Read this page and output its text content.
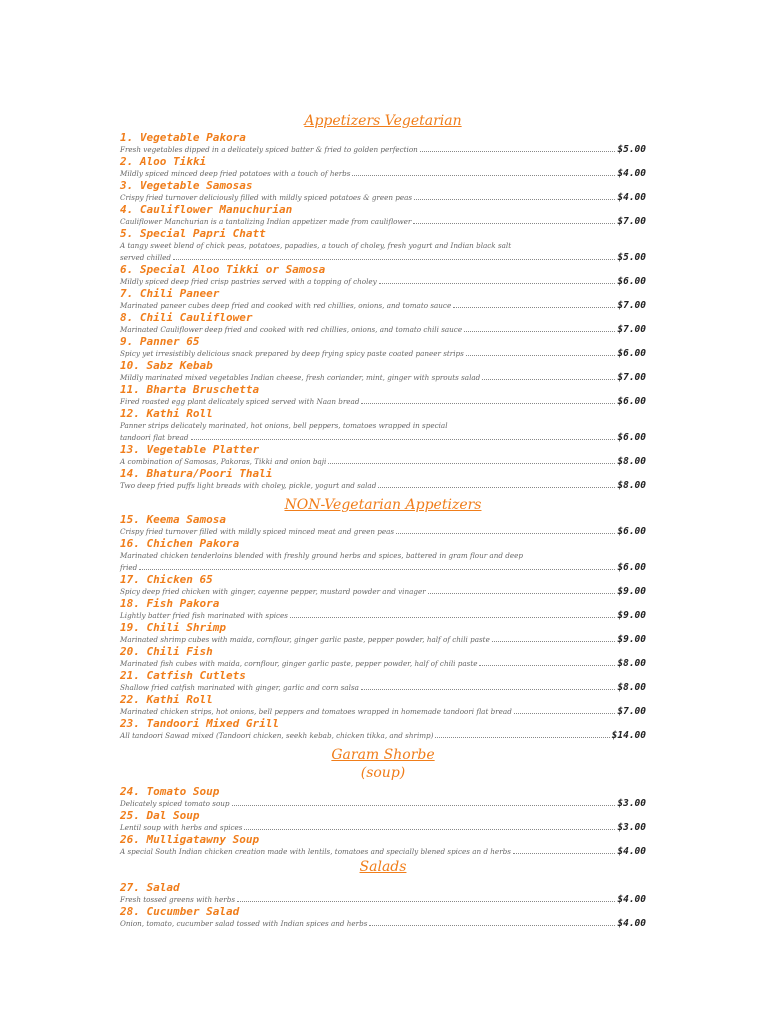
Appetizers Vegetarian
1. Vegetable Pakora
Fresh vegetables dipped in a delicately spiced batter & fried to golden perfection	$5.00
2. Aloo Tikki
Mildly spiced minced deep fried potatoes with a touch of herbs	$4.00
3. Vegetable Samosas
Crispy fried turnover deliciously filled with mildly spiced potatoes & green peas	$4.00
4. Cauliflower Manuchurian
Cauliflower Manchurian is a tantalizing Indian appetizer made from cauliflower	$7.00
5. Special Papri Chatt
A tangy sweet blend of chick peas, potatoes, papadies, a touch of choley, fresh yogurt and Indian black salt
served chilled	$5.00
6. Special Aloo Tikki or Samosa
Mildly spiced deep fried crisp pastries served with a topping of choley	$6.00
7. Chili Paneer
Marinated paneer cubes deep fried and cooked with red chillies, onions, and tomato sauce	$7.00
8. Chili Cauliflower
Marinated Cauliflower deep fried and cooked with red chillies, onions, and tomato chili sauce	$7.00
9. Panner 65
Spicy yet irresistibly delicious snack prepared by deep frying spicy paste coated paneer strips	$6.00
10. Sabz Kebab
Mildly marinated mixed vegetables Indian cheese, fresh coriander, mint, ginger with sprouts salad	$7.00
11. Bharta Bruschetta
Fired roasted egg plant delicately spiced served with Naan bread	$6.00
12. Kathi Roll
Panner strips delicately marinated, hot onions, bell peppers, tomatoes wrapped in special
tandoori flat bread	$6.00
13. Vegetable Platter
A combination of Samosas, Pakoras, Tikki and onion baji	$8.00
14. Bhatura/Poori Thali
Two deep fried puffs light breads with choley, pickle, yogurt and salad	$8.00
NON-Vegetarian Appetizers
15. Keema Samosa
Crispy fried turnover filled with mildly spiced minced meat and green peas	$6.00
16. Chichen Pakora
Marinated chicken tenderloins blended with freshly ground herbs and spices, battered in gram flour and deep
fried	$6.00
17. Chicken 65
Spicy deep fried chicken with ginger, cayenne pepper, mustard powder and vinager	$9.00
18. Fish Pakora
Lightly batter fried fish marinated with spices	$9.00
19. Chili Shrimp
Marinated shrimp cubes with maida, cornflour, ginger garlic paste, pepper powder, half of chili paste	$9.00
20. Chili Fish
Marinated fish cubes with maida, cornflour, ginger garlic paste, pepper powder, half of chili paste	$8.00
21. Catfish Cutlets
Shallow fried catfish marinated with ginger, garlic and corn salsa	$8.00
22. Kathi Roll
Marinated chicken strips, hot onions, bell peppers and tomatoes wrapped in homemade tandoori flat bread	$7.00
23. Tandoori Mixed Grill
All tandoori Sawad mixed (Tandoori chicken, seekh kebab, chicken tikka, and shrimp)	$14.00
Garam Shorbe
(soup)
24. Tomato Soup
Delicately spiced tomato soup	$3.00
25. Dal Soup
Lentil soup with herbs and spices	$3.00
26. Mulligatawny Soup
A special South Indian chicken creation made with lentils, tomatoes and specially blened spices an d herbs	$4.00
Salads
27. Salad
Fresh tossed greens with herbs	$4.00
28. Cucumber Salad
Onion, tomato, cucumber salad tossed with Indian spices and herbs	$4.00
